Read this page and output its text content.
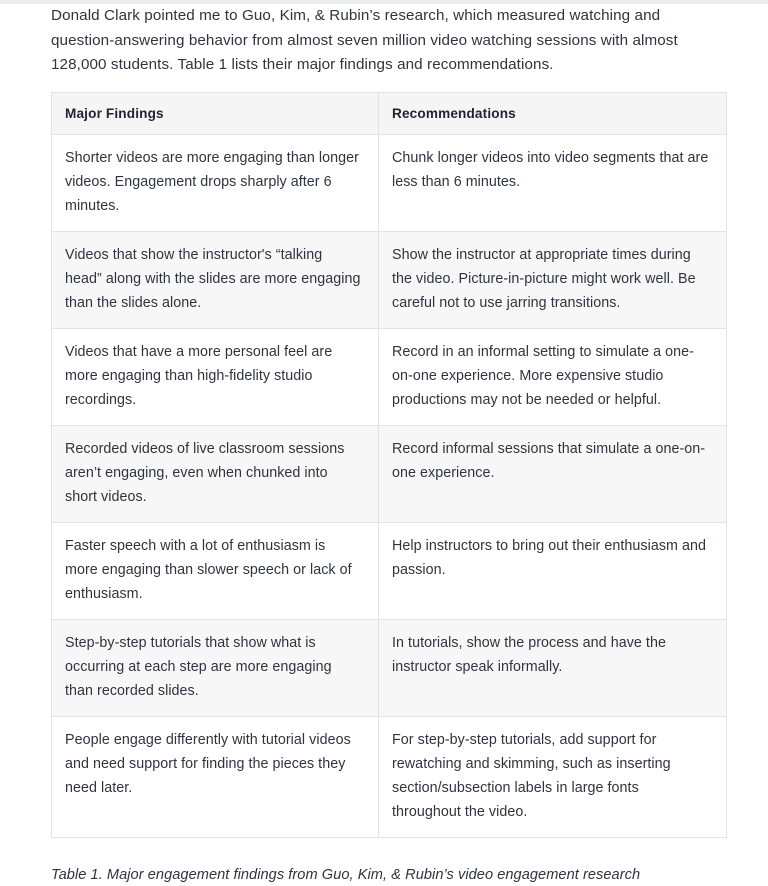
Donald Clark pointed me to Guo, Kim, & Rubin’s research, which measured watching and question-answering behavior from almost seven million video watching sessions with almost 128,000 students. Table 1 lists their major findings and recommendations.

Major Findings	Recommendations
Shorter videos are more engaging than longer videos. Engagement drops sharply after 6 minutes.	Chunk longer videos into video segments that are less than 6 minutes.
Videos that show the instructor's “talking head” along with the slides are more engaging than the slides alone.	Show the instructor at appropriate times during the video. Picture-in-picture might work well. Be careful not to use jarring transitions.
Videos that have a more personal feel are more engaging than high-fidelity studio recordings.	Record in an informal setting to simulate a one-on-one experience. More expensive studio productions may not be needed or helpful.
Recorded videos of live classroom sessions aren’t engaging, even when chunked into short videos.	Record informal sessions that simulate a one-on-one experience.
Faster speech with a lot of enthusiasm is more engaging than slower speech or lack of enthusiasm.	Help instructors to bring out their enthusiasm and passion.
Step-by-step tutorials that show what is occurring at each step are more engaging than recorded slides.	In tutorials, show the process and have the instructor speak informally.
People engage differently with tutorial videos and need support for finding the pieces they need later.	For step-by-step tutorials, add support for rewatching and skimming, such as inserting section/subsection labels in large fonts throughout the video.
Table 1. Major engagement findings from Guo, Kim, & Rubin’s video engagement research
